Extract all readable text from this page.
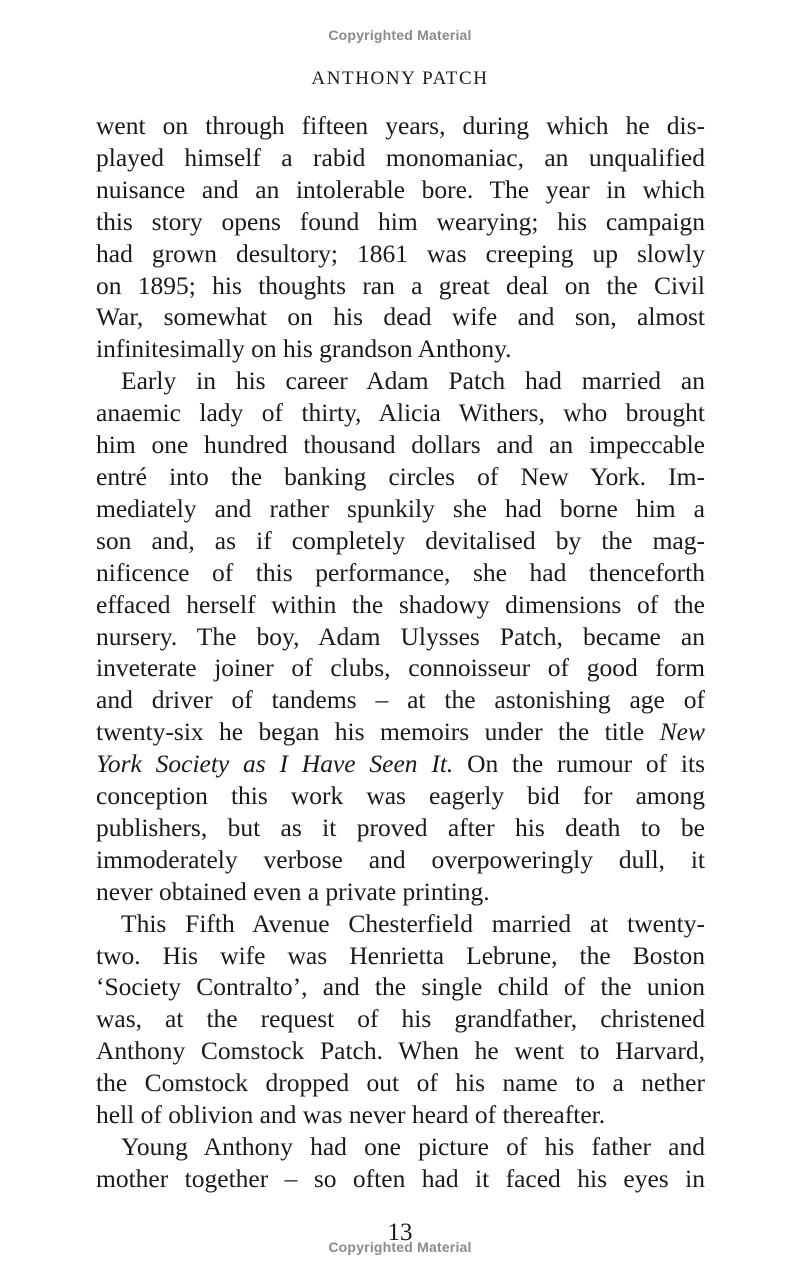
Copyrighted Material
ANTHONY PATCH
went on through fifteen years, during which he dis-
played himself a rabid monomaniac, an unqualified
nuisance and an intolerable bore. The year in which
this story opens found him wearying; his campaign
had grown desultory; 1861 was creeping up slowly
on 1895; his thoughts ran a great deal on the Civil
War, somewhat on his dead wife and son, almost
infinitesimally on his grandson Anthony.
Early in his career Adam Patch had married an
anaemic lady of thirty, Alicia Withers, who brought
him one hundred thousand dollars and an impeccable
entré into the banking circles of New York. Im-
mediately and rather spunkily she had borne him a
son and, as if completely devitalised by the mag-
nificence of this performance, she had thenceforth
effaced herself within the shadowy dimensions of the
nursery. The boy, Adam Ulysses Patch, became an
inveterate joiner of clubs, connoisseur of good form
and driver of tandems – at the astonishing age of
twenty-six he began his memoirs under the title New
York Society as I Have Seen It. On the rumour of its
conception this work was eagerly bid for among
publishers, but as it proved after his death to be
immoderately verbose and overpoweringly dull, it
never obtained even a private printing.
This Fifth Avenue Chesterfield married at twenty-
two. His wife was Henrietta Lebrune, the Boston
‘Society Contralto’, and the single child of the union
was, at the request of his grandfather, christened
Anthony Comstock Patch. When he went to Harvard,
the Comstock dropped out of his name to a nether
hell of oblivion and was never heard of thereafter.
Young Anthony had one picture of his father and
mother together – so often had it faced his eyes in
13
Copyrighted Material
